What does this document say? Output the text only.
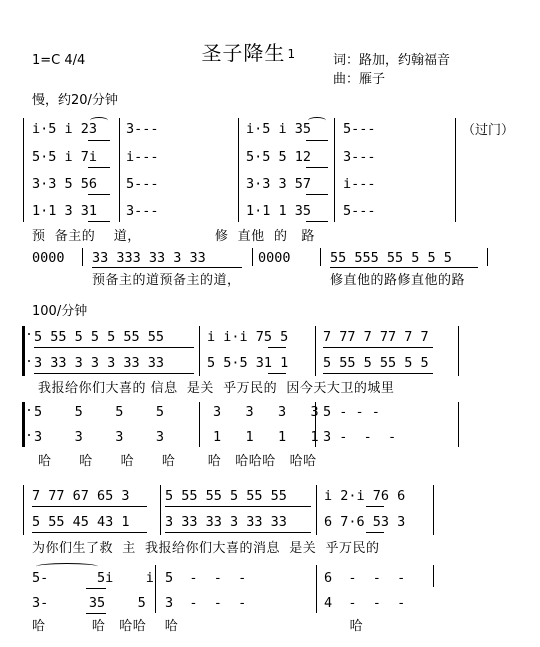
圣子降生 $^1$

1=C 4/4	词：路加，约翰福音
曲：雁子
慢，约20/分钟
i·5 i 23 3---	i·5 i 35 5---	（过门）
5·5 i 7i i---	5·5 5 12 3---
3·3 5 56 5---	3·3 3 57 i---
1·1 3 31 3---	1·1 1 35 5---
预  备主的    道，                修  直他  的   路
0000 33 333 33 3 33	0000	55 555 55 5 5 5
预备主的道预备主的道，	修直他的路修直他的路
100/分钟
5 55 5 5 5 55 55	i i·i 75 5	7 77 7 77 7 7
3 33 3 3 3 33 33	5 5·5 31 1	5 55 5 55 5 5
我报给你们大喜的 信息  是关  乎万民的  因今天大卫的城里
5    5    5    5	3   3   3   3 5 - - -
3    3    3    3	1   1   1   1 3 -  -  -
哈      哈      哈      哈       哈   哈哈哈   哈哈
7 77 67 65 3	5 55 55 5 55 55	i 2·i 76 6
5 55 45 43 1	3 33 33 3 33 33	6 7·6 53 3
为你们生了救  主  我报给你们大喜的消息  是关  乎万民的
5-      5i    i 5  -  -  -	6  -  -  -
3-     35    5 3  -  -  -	4  -  -  -
哈          哈   哈哈    哈                                     哈
